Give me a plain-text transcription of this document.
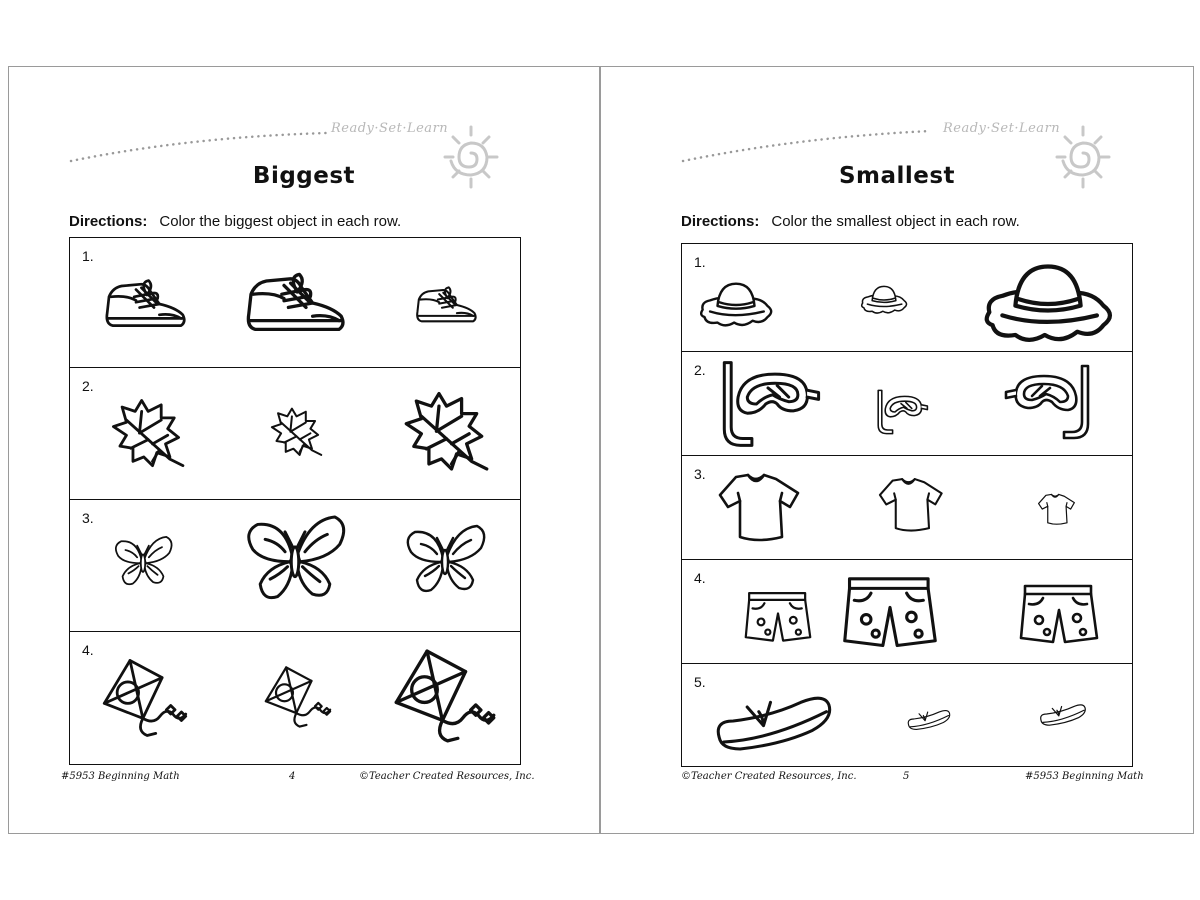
Ready·Set·Learn
Biggest
Directions: Color the biggest object in each row.
1.
2.
3.
4.
#5953 Beginning Math	4	©Teacher Created Resources, Inc.
Ready·Set·Learn
Smallest
Directions: Color the smallest object in each row.
1.
2.
3.
4.
5.
©Teacher Created Resources, Inc.	5	#5953 Beginning Math
